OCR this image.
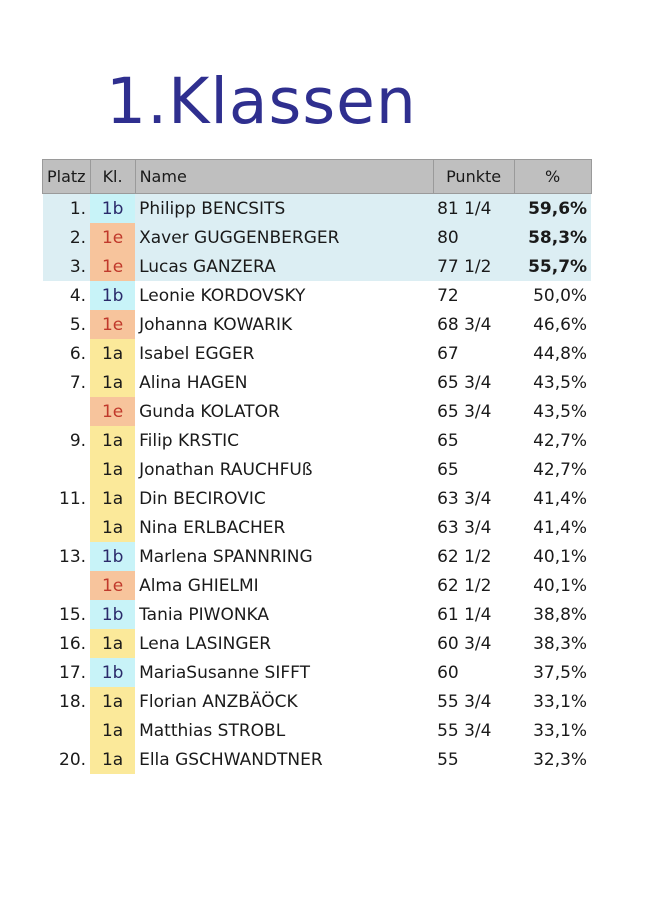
1.Klassen
Platz	Kl.	Name	Punkte	%
1.	1b	Philipp BENCSITS	81 1/4	59,6%
2.	1e	Xaver GUGGENBERGER	80	58,3%
3.	1e	Lucas GANZERA	77 1/2	55,7%
4.	1b	Leonie KORDOVSKY	72	50,0%
5.	1e	Johanna KOWARIK	68 3/4	46,6%
6.	1a	Isabel EGGER	67	44,8%
7.	1a	Alina HAGEN	65 3/4	43,5%
	1e	Gunda KOLATOR	65 3/4	43,5%
9.	1a	Filip KRSTIC	65	42,7%
	1a	Jonathan RAUCHFUß	65	42,7%
11.	1a	Din BECIROVIC	63 3/4	41,4%
	1a	Nina ERLBACHER	63 3/4	41,4%
13.	1b	Marlena SPANNRING	62 1/2	40,1%
	1e	Alma GHIELMI	62 1/2	40,1%
15.	1b	Tania PIWONKA	61 1/4	38,8%
16.	1a	Lena LASINGER	60 3/4	38,3%
17.	1b	MariaSusanne SIFFT	60	37,5%
18.	1a	Florian ANZBÄÖCK	55 3/4	33,1%
	1a	Matthias STROBL	55 3/4	33,1%
20.	1a	Ella GSCHWANDTNER	55	32,3%
